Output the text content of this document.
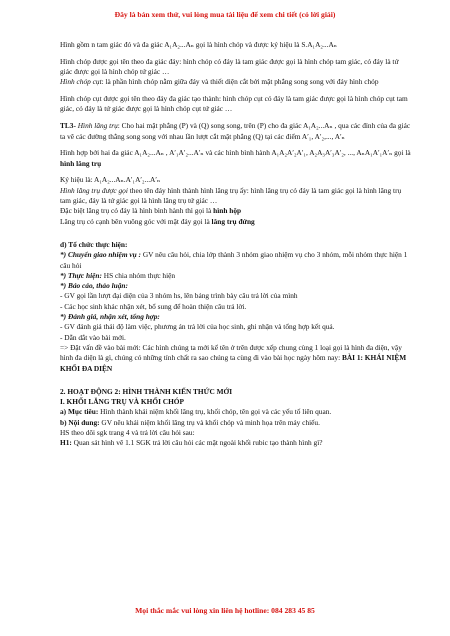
Đây là bản xem thử, vui lòng mua tài liệu để xem chi tiết (có lời giải)

Hình gồm n tam giác đó và đa giác A₁A₂...Aₙ gọi là hình chóp và được ký hiệu là S.A₁A₂...Aₙ

Hình chóp được gọi tên theo đa giác đáy: hình chóp có đáy là tam giác được gọi là hình chóp tam giác, có đáy là tứ giác được gọi là hình chóp tứ giác …

Hình chóp cụt: là phần hình chóp nằm giữa đáy và thiết diện cắt bởi mặt phẳng song song với đáy hình chóp

Hình chóp cụt được gọi tên theo đáy đa giác tạo thành: hình chóp cụt có đáy là tam giác được gọi là hình chóp cụt tam giác, có đáy là tứ giác được gọi là hình chóp cụt tứ giác …

TL3- Hình lăng trụ: Cho hai mặt phẳng (P) và (Q) song song, trên (P) cho đa giác A₁A₂...Aₙ , qua các đỉnh của đa giác ta vẽ các đường thẳng song song với nhau lần lượt cắt mặt phẳng (Q) tại các điểm A′₁, A′₂,..., A′ₙ

Hình hợp bởi hai đa giác A₁A₂...Aₙ , A′₁A′₂...A′ₙ và các hình bình hành A₁A₂A′₂A′₁, A₂A₃A′₃A′₂, ..., AₙA₁A′₁A′ₙ gọi là hình lăng trụ

Ký hiệu là: A₁A₂...Aₙ.A′₁A′₂...A′ₙ

Hình lăng trụ được gọi theo tên đáy hình thành hình lăng trụ ấy: hình lăng trụ có đáy là tam giác gọi là hình lăng trụ tam giác, đáy là tứ giác gọi là hình lăng trụ tứ giác …

Đặc biệt lăng trụ có đáy là hình bình hành thì gọi là hình hộp

Lăng trụ có cạnh bên vuông góc với mặt đáy gọi là lăng trụ đứng

d) Tổ chức thực hiện:

*) Chuyển giao nhiệm vụ : GV nêu câu hỏi, chia lớp thành 3 nhóm giao nhiệm vụ cho 3 nhóm, mỗi nhóm thực hiện 1 câu hỏi

*) Thực hiện: HS chia nhóm thực hiện

*) Báo cáo, thảo luận:

- GV gọi lần lượt đại diện của 3 nhóm hs, lên bảng trình bày câu trả lời của mình

- Các học sinh khác nhận xét, bổ sung để hoàn thiện câu trả lời.

*) Đánh giá, nhận xét, tổng hợp:

- GV đánh giá thái độ làm việc, phương án trả lời của học sinh, ghi nhận và tổng hợp kết quả.

- Dẫn dắt vào bài mới.

=> Đặt vấn đề vào bài mới: Các hình chúng ta mới kể tên ở trên được xếp chung cùng 1 loại gọi là hình đa diện, vậy hình đa diện là gì, chúng có những tính chất ra sao chúng ta cùng đi vào bài học ngày hôm nay: BÀI 1: KHÁI NIỆM KHỐI ĐA DIỆN

2. HOẠT ĐỘNG 2: HÌNH THÀNH KIẾN THỨC MỚI

I. KHỐI LĂNG TRỤ VÀ KHỐI CHÓP

a) Mục tiêu: Hình thành khái niệm khối lăng trụ, khối chóp, tên gọi và các yếu tố liên quan.

b) Nội dung: GV nêu khái niệm khối lăng trụ và khối chóp và minh họa trên máy chiếu.

HS theo dõi sgk trang 4 và trả lời câu hỏi sau:

H1: Quan sát hình vẽ 1.1 SGK trả lời câu hỏi các mặt ngoài khối rubic tạo thành hình gì?

Mọi thắc mắc vui lòng xin liên hệ hotline: 084 283 45 85
